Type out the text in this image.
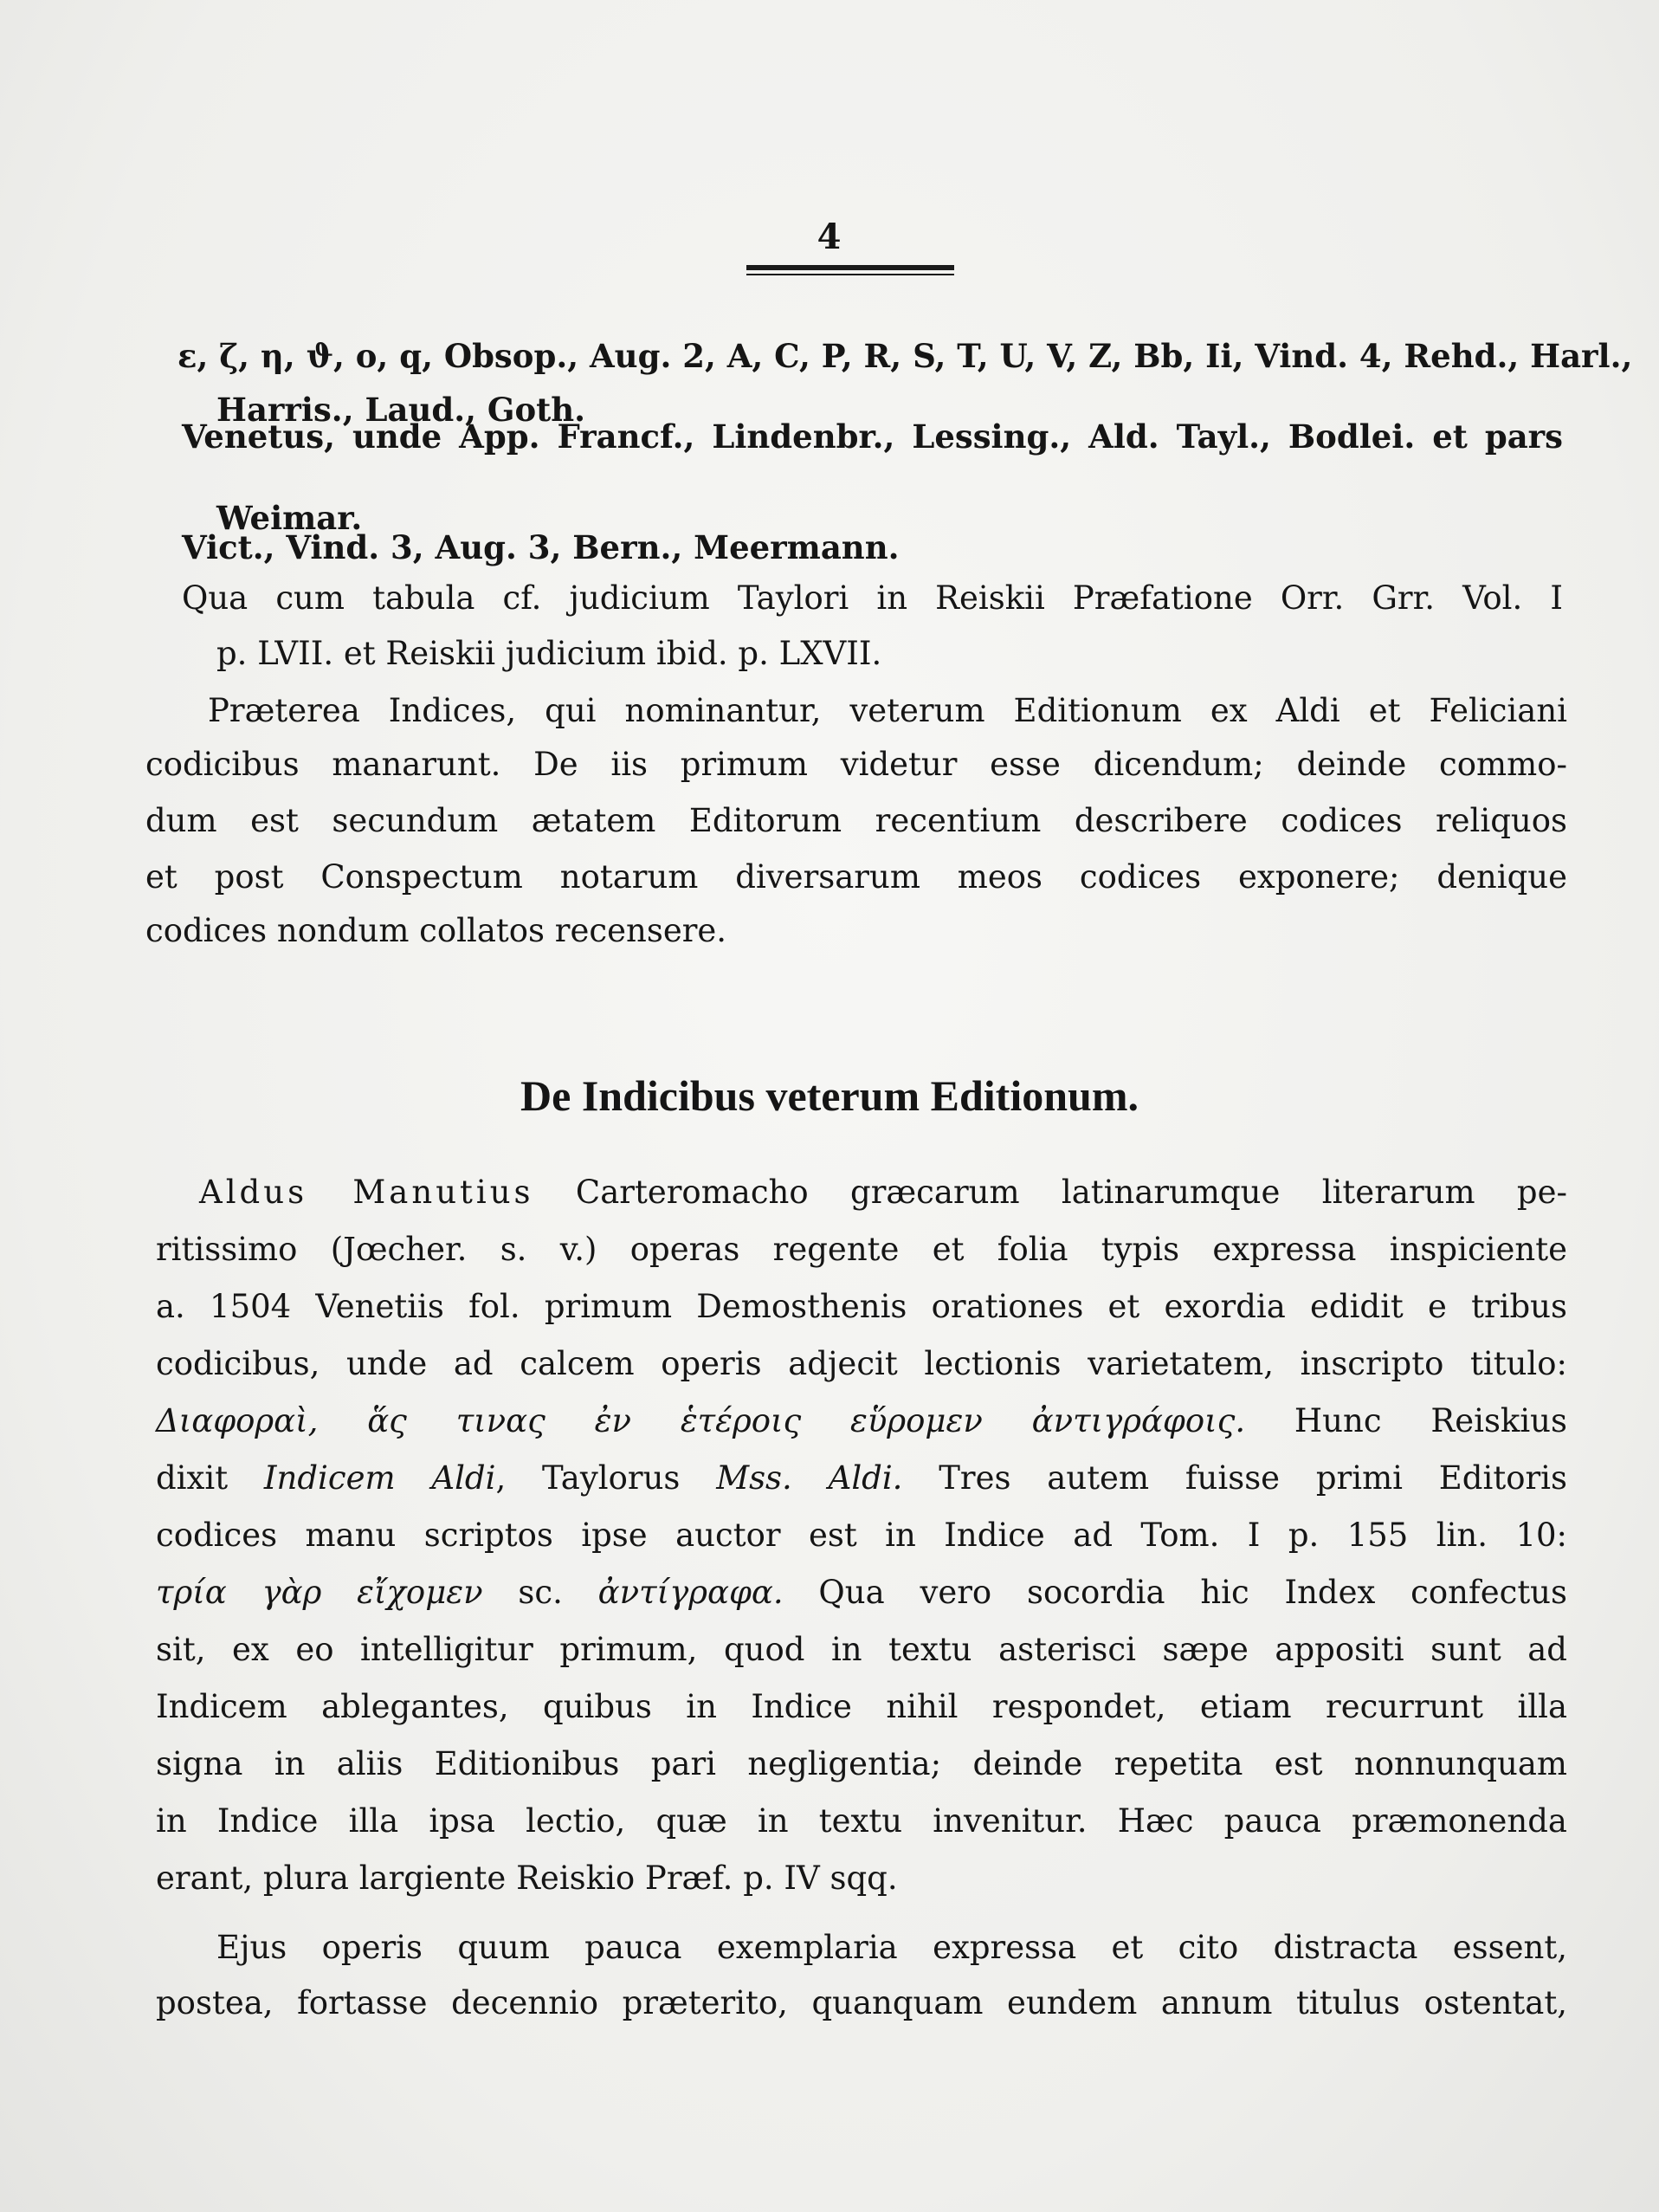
4
ε, ζ, η, ϑ, o, q, Obsop., Aug. 2, A, C, P, R, S, T, U, V, Z, Bb, Ii, Vind. 4, Rehd., Harl.,
Harris., Laud., Goth.
Venetus, unde App. Francf., Lindenbr., Lessing., Ald. Tayl., Bodlei. et pars
Weimar.
Vict., Vind. 3, Aug. 3, Bern., Meermann.
Qua cum tabula cf. judicium Taylori in Reiskii Præfatione Orr. Grr. Vol. I
p. LVII. et Reiskii judicium ibid. p. LXVII.
Præterea Indices, qui nominantur, veterum Editionum ex Aldi et Feliciani
codicibus manarunt. De iis primum videtur esse dicendum; deinde commo-
dum est secundum ætatem Editorum recentium describere codices reliquos
et post Conspectum notarum diversarum meos codices exponere; denique
codices nondum collatos recensere.
De Indicibus veterum Editionum.
Aldus Manutius Carteromacho græcarum latinarumque literarum pe-
ritissimo (Jœcher. s. v.) operas regente et folia typis expressa inspiciente
a. 1504 Venetiis fol. primum Demosthenis orationes et exordia edidit e tribus
codicibus, unde ad calcem operis adjecit lectionis varietatem, inscripto titulo:
Διαφοραὶ, ἅς τινας ἐν ἑτέροις εὕρομεν ἀντιγράφοις. Hunc Reiskius
dixit Indicem Aldi, Taylorus Mss. Aldi. Tres autem fuisse primi Editoris
codices manu scriptos ipse auctor est in Indice ad Tom. I p. 155 lin. 10:
τρία γὰρ εἴχομεν sc. ἀντίγραφα. Qua vero socordia hic Index confectus
sit, ex eo intelligitur primum, quod in textu asterisci sæpe appositi sunt ad
Indicem ablegantes, quibus in Indice nihil respondet, etiam recurrunt illa
signa in aliis Editionibus pari negligentia; deinde repetita est nonnunquam
in Indice illa ipsa lectio, quæ in textu invenitur. Hæc pauca præmonenda
erant, plura largiente Reiskio Præf. p. IV sqq.
Ejus operis quum pauca exemplaria expressa et cito distracta essent,
postea, fortasse decennio præterito, quanquam eundem annum titulus ostentat,
